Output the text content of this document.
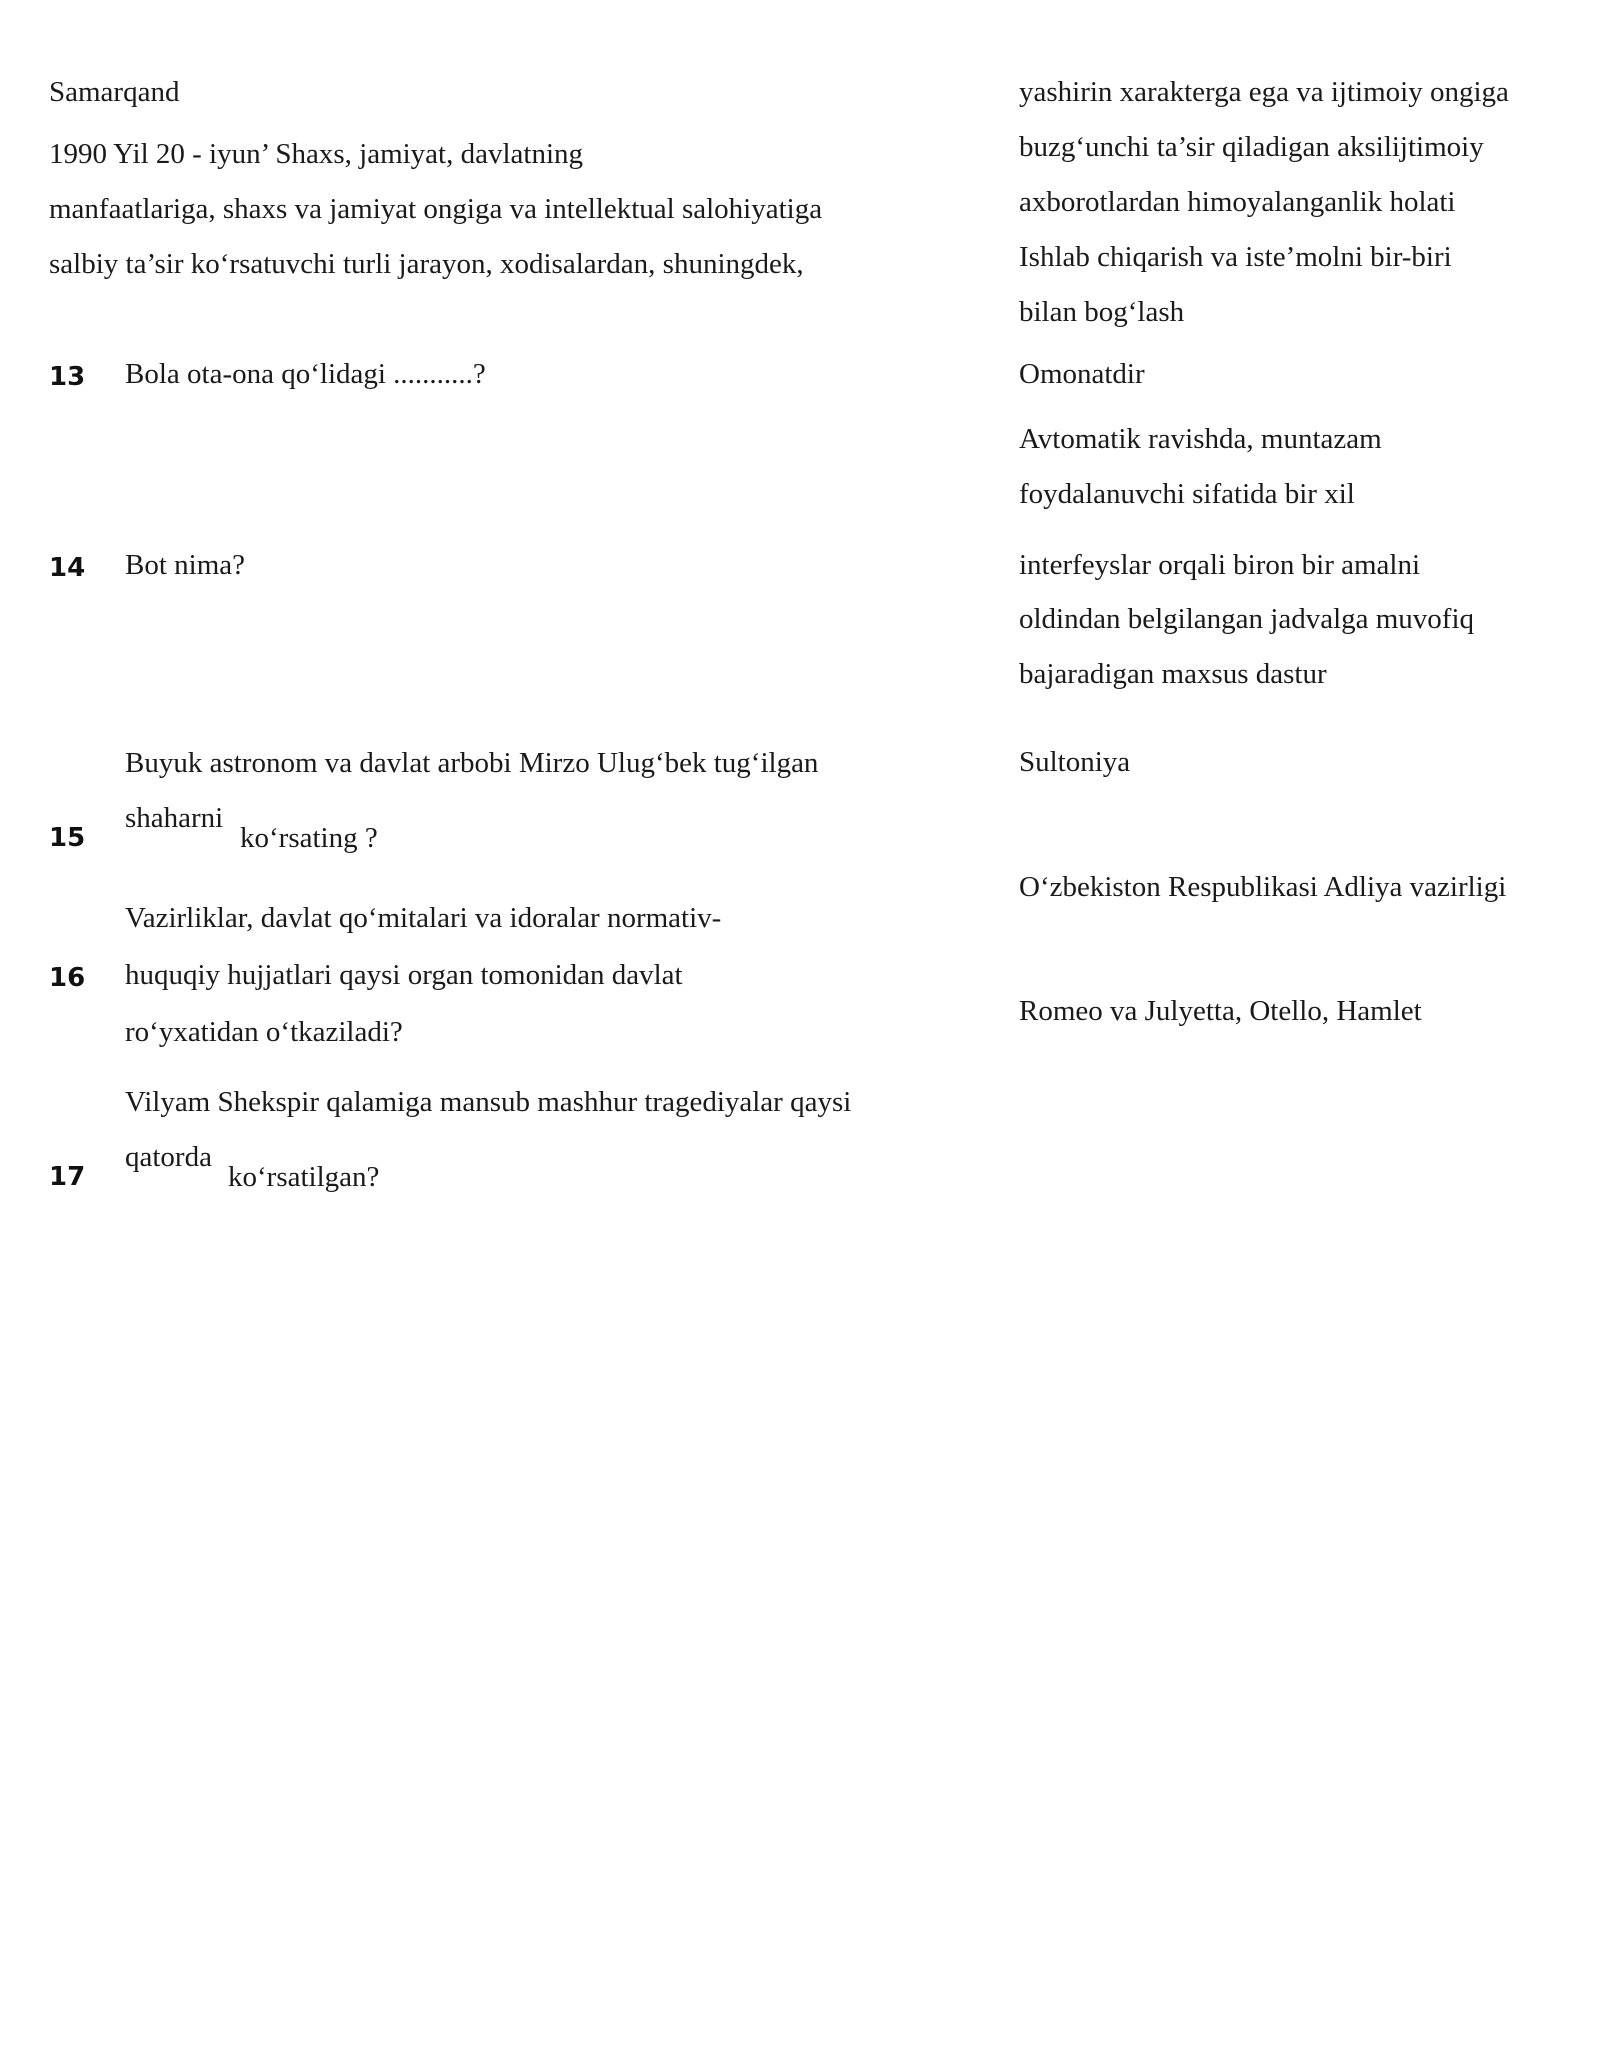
Samarqand

1990 Yil 20 - iyun’ Shaxs, jamiyat, davlatning

manfaatlariga, shaxs va jamiyat ongiga va intellektual salohiyatiga

salbiy ta’sir ko‘rsatuvchi turli jarayon, xodisalardan, shuningdek,

yashirin xarakterga ega va ijtimoiy ongiga

buzg‘unchi ta’sir qiladigan aksilijtimoiy

axborotlardan himoyalanganlik holati

Ishlab chiqarish va iste’molni bir-biri

bilan bog‘lash

13 Bola ota-ona qo‘lidagi ...........?	Omonatdir

Avtomatik ravishda, muntazam

foydalanuvchi sifatida bir xil

14 Bot nima?	interfeyslar orqali biron bir amalni

oldindan belgilangan jadvalga muvofiq

bajaradigan maxsus dastur

Buyuk astronom va davlat arbobi Mirzo Ulug‘bek tug‘ilgan

shaharni

ko‘rsating ?

15

Sultoniya

Vazirliklar, davlat qo‘mitalari va idoralar normativ-

16 huquqiy hujjatlari qaysi organ tomonidan davlat

ro‘yxatidan o‘tkaziladi?

O‘zbekiston Respublikasi Adliya vazirligi

Vilyam Shekspir qalamiga mansub mashhur tragediyalar qaysi

qatorda

ko‘rsatilgan?

17

Romeo va Julyetta, Otello, Hamlet
